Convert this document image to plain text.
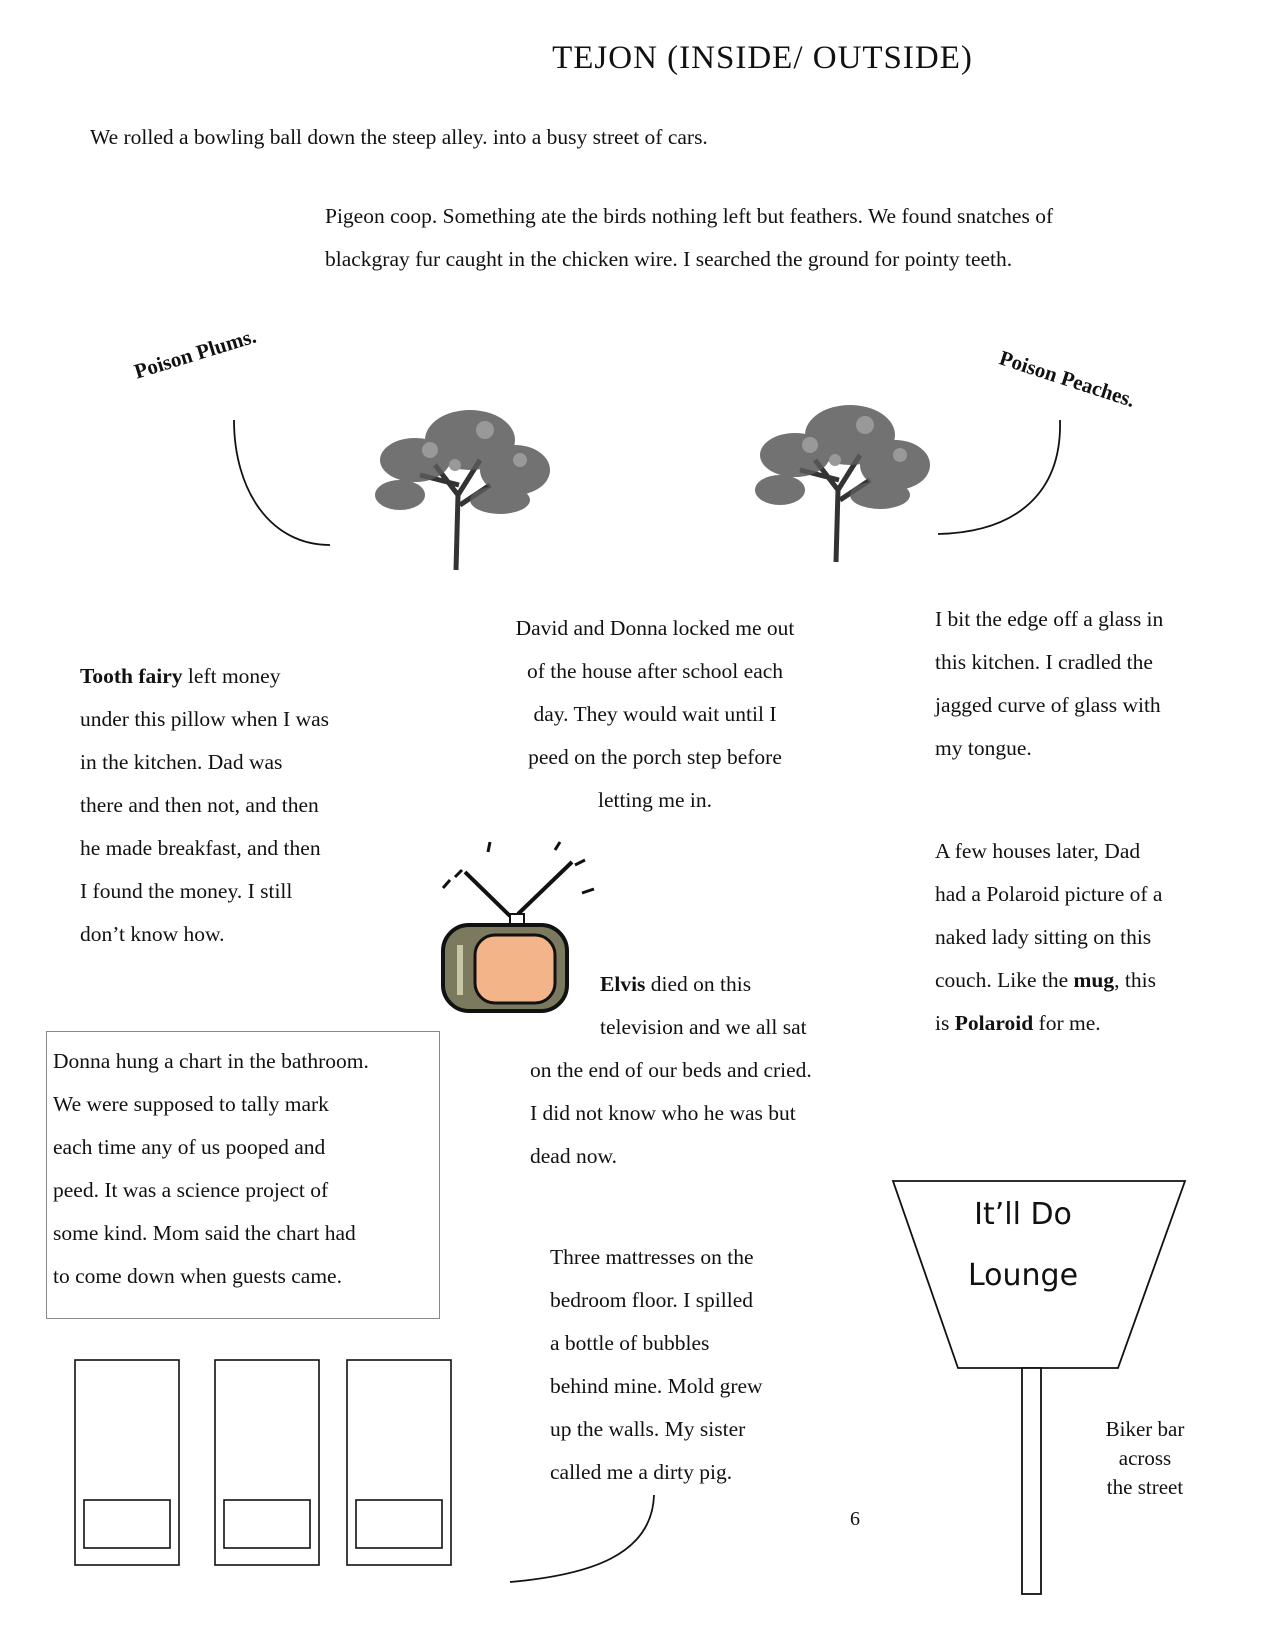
TEJON (INSIDE/ OUTSIDE)
We rolled a bowling ball down the steep alley. into a busy street of cars.
Pigeon coop. Something ate the birds nothing left but feathers. We found snatches of
blackgray fur caught in the chicken wire. I searched the ground for pointy teeth.
Poison Plums.	Poison Peaches.
Tooth fairy left money
under this pillow when I was
in the kitchen. Dad was
there and then not, and then
he made breakfast, and then
I found the money. I still
don’t know how.
David and Donna locked me out
of the house after school each
day. They would wait until I
peed on the porch step before
letting me in.
I bit the edge off a glass in
this kitchen. I cradled the
jagged curve of glass with
my tongue.
A few houses later, Dad
had a Polaroid picture of a
naked lady sitting on this
couch. Like the mug, this
is Polaroid for me.
Elvis died on this
television and we all sat
on the end of our beds and cried.
I did not know who he was but
dead now.
Donna hung a chart in the bathroom.
We were supposed to tally mark
each time any of us pooped and
peed. It was a science project of
some kind. Mom said the chart had
to come down when guests came.
Three mattresses on the
bedroom floor. I spilled
a bottle of bubbles
behind mine. Mold grew
up the walls. My sister
called me a dirty pig.
It’ll Do
Lounge
Biker bar
across
the street
6
